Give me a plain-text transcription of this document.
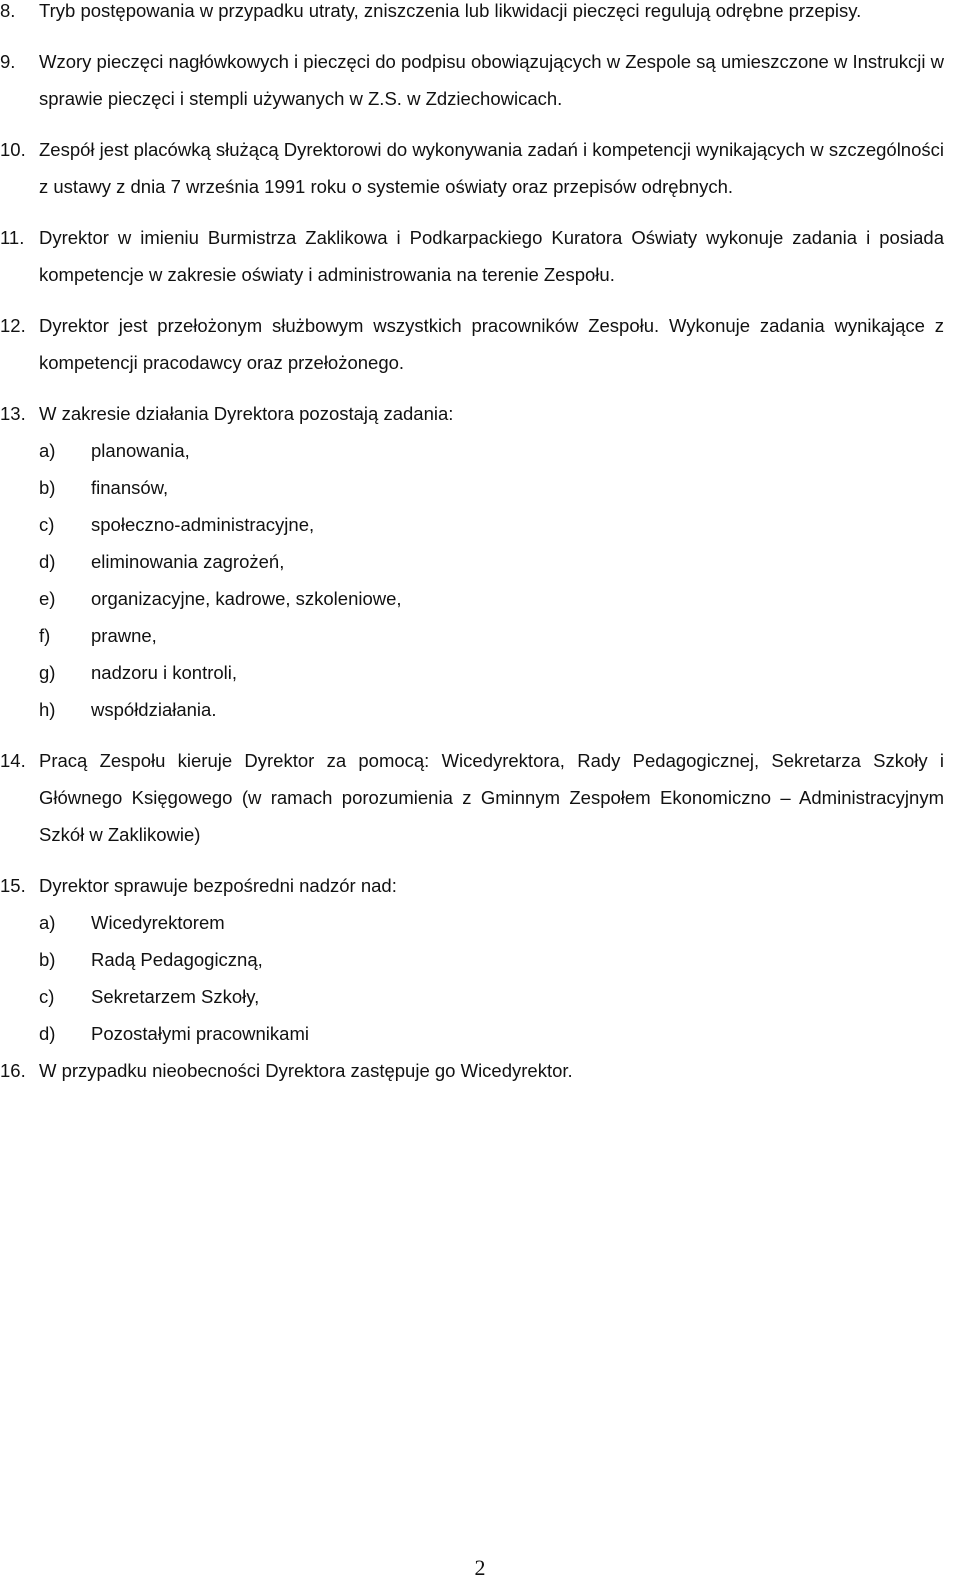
8. Tryb postępowania w przypadku utraty, zniszczenia lub likwidacji pieczęci regulują odrębne przepisy.
9. Wzory pieczęci nagłówkowych i pieczęci do podpisu obowiązujących w Zespole są umieszczone w Instrukcji w sprawie pieczęci i stempli używanych w Z.S. w Zdziechowicach.
10. Zespół jest placówką służącą Dyrektorowi do wykonywania zadań i kompetencji wynikających w szczególności z ustawy z dnia 7 września 1991 roku o systemie oświaty oraz przepisów odrębnych.
11. Dyrektor w imieniu Burmistrza Zaklikowa i Podkarpackiego Kuratora Oświaty wykonuje zadania i posiada kompetencje w zakresie oświaty i administrowania na terenie Zespołu.
12. Dyrektor jest przełożonym służbowym wszystkich pracowników Zespołu. Wykonuje zadania wynikające z kompetencji pracodawcy oraz przełożonego.
13. W zakresie działania Dyrektora pozostają zadania:
a) planowania,
b) finansów,
c) społeczno-administracyjne,
d) eliminowania zagrożeń,
e) organizacyjne, kadrowe, szkoleniowe,
f) prawne,
g) nadzoru i kontroli,
h) współdziałania.
14. Pracą Zespołu kieruje Dyrektor za pomocą: Wicedyrektora, Rady Pedagogicznej, Sekretarza Szkoły i Głównego Księgowego (w ramach porozumienia z Gminnym Zespołem Ekonomiczno – Administracyjnym Szkół w Zaklikowie)
15. Dyrektor sprawuje bezpośredni nadzór nad:
a) Wicedyrektorem
b) Radą Pedagogiczną,
c) Sekretarzem Szkoły,
d) Pozostałymi pracownikami
16. W przypadku nieobecności Dyrektora zastępuje go Wicedyrektor.
2
